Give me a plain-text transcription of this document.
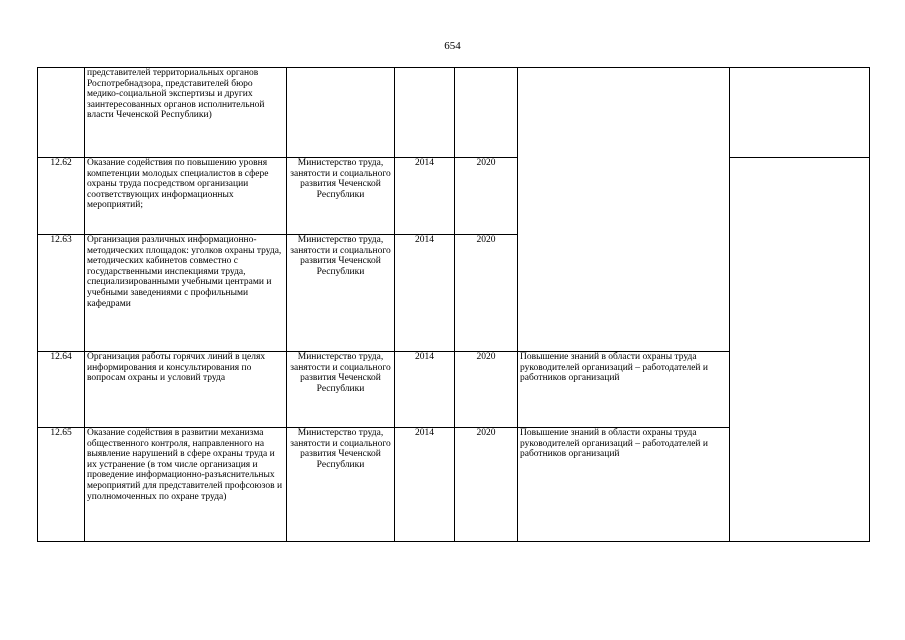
654
	представителей территориальных органов Роспотребнадзора, представителей бюро медико-социальной экспертизы и других заинтересованных органов исполнительной власти Чеченской Республики)					
12.62	Оказание содействия по повышению уровня компетенции молодых специалистов в сфере охраны труда посредством организации соответствующих информационных мероприятий;	Министерство труда, занятости и социального развития Чеченской Республики	2014	2020		
12.63	Организация различных информационно-методических площадок: уголков охраны труда, методических кабинетов совместно с государственными инспекциями труда, специализированными учебными центрами и учебными заведениями с профильными кафедрами	Министерство труда, занятости и социального развития Чеченской Республики	2014	2020		
12.64	Организация работы горячих линий в целях информирования и консультирования по вопросам охраны и условий труда	Министерство труда, занятости и социального развития Чеченской Республики	2014	2020	Повышение знаний в области охраны труда руководителей организаций – работодателей и работников организаций	
12.65	Оказание содействия в развитии механизма общественного контроля, направленного на выявление нарушений в сфере охраны труда и их устранение (в том числе организация и проведение информационно-разъяснительных мероприятий для представителей профсоюзов и уполномоченных по охране труда)	Министерство труда, занятости и социального развития Чеченской Республики	2014	2020	Повышение знаний в области охраны труда руководителей организаций – работодателей и работников организаций	
